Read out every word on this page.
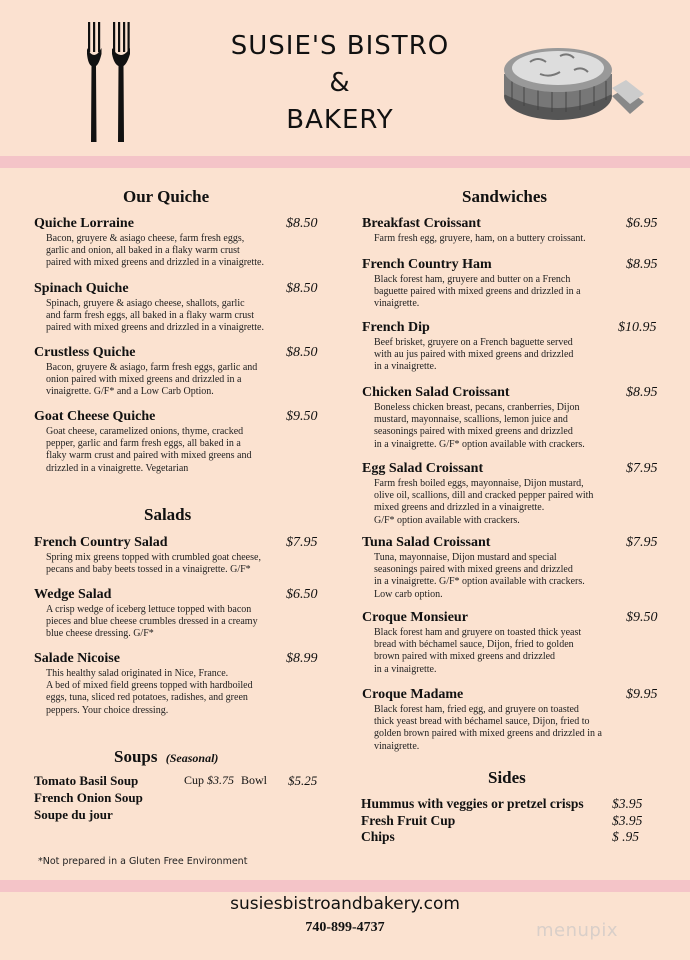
SUSIE'S BISTRO
&
BAKERY
Our Quiche
Quiche Lorraine	$8.50
Bacon, gruyere & asiago cheese, farm fresh eggs,
garlic and onion, all baked in a flaky warm crust
paired with mixed greens and drizzled in a vinaigrette.
Spinach Quiche	$8.50
Spinach, gruyere & asiago cheese, shallots, garlic
and farm fresh eggs, all baked in a flaky warm crust
paired with mixed greens and drizzled in a vinaigrette.
Crustless Quiche	$8.50
Bacon, gruyere & asiago, farm fresh eggs, garlic and
onion paired with mixed greens and drizzled in a
vinaigrette. G/F* and a Low Carb Option.
Goat Cheese Quiche	$9.50
Goat cheese, caramelized onions, thyme, cracked
pepper, garlic and farm fresh eggs, all baked in a
flaky warm crust and paired with mixed greens and
drizzled in a vinaigrette. Vegetarian
Salads
French Country Salad	$7.95
Spring mix greens topped with crumbled goat cheese,
pecans and baby beets tossed in a vinaigrette. G/F*
Wedge Salad	$6.50
A crisp wedge of iceberg lettuce topped with bacon
pieces and blue cheese crumbles dressed in a creamy
blue cheese dressing. G/F*
Salade Nicoise	$8.99
This healthy salad originated in Nice, France.
A bed of mixed field greens topped with hardboiled
eggs, tuna, sliced red potatoes, radishes, and green
peppers. Your choice dressing.
Soups (Seasonal)
Tomato Basil Soup	Cup $3.75 Bowl $5.25
French Onion Soup
Soupe du jour
*Not prepared in a Gluten Free Environment
Sandwiches
Breakfast Croissant	$6.95
Farm fresh egg, gruyere, ham, on a buttery croissant.
French Country Ham	$8.95
Black forest ham, gruyere and butter on a French
baguette paired with mixed greens and drizzled in a
vinaigrette.
French Dip	$10.95
Beef brisket, gruyere on a French baguette served
with au jus paired with mixed greens and drizzled
in a vinaigrette.
Chicken Salad Croissant	$8.95
Boneless chicken breast, pecans, cranberries, Dijon
mustard, mayonnaise, scallions, lemon juice and
seasonings paired with mixed greens and drizzled
in a vinaigrette. G/F* option available with crackers.
Egg Salad Croissant	$7.95
Farm fresh boiled eggs, mayonnaise, Dijon mustard,
olive oil, scallions, dill and cracked pepper paired with
mixed greens and drizzled in a vinaigrette.
G/F* option available with crackers.
Tuna Salad Croissant	$7.95
Tuna, mayonnaise, Dijon mustard and special
seasonings paired with mixed greens and drizzled
in a vinaigrette. G/F* option available with crackers.
Low carb option.
Croque Monsieur	$9.50
Black forest ham and gruyere on toasted thick yeast
bread with béchamel sauce, Dijon, fried to golden
brown paired with mixed greens and drizzled
in a vinaigrette.
Croque Madame	$9.95
Black forest ham, fried egg, and gruyere on toasted
thick yeast bread with béchamel sauce, Dijon, fried to
golden brown paired with mixed greens and drizzled in a
vinaigrette.
Sides
Hummus with veggies or pretzel crisps $3.95
Fresh Fruit Cup	$3.95
Chips	$ .95
susiesbistroandbakery.com
740-899-4737	menupix
